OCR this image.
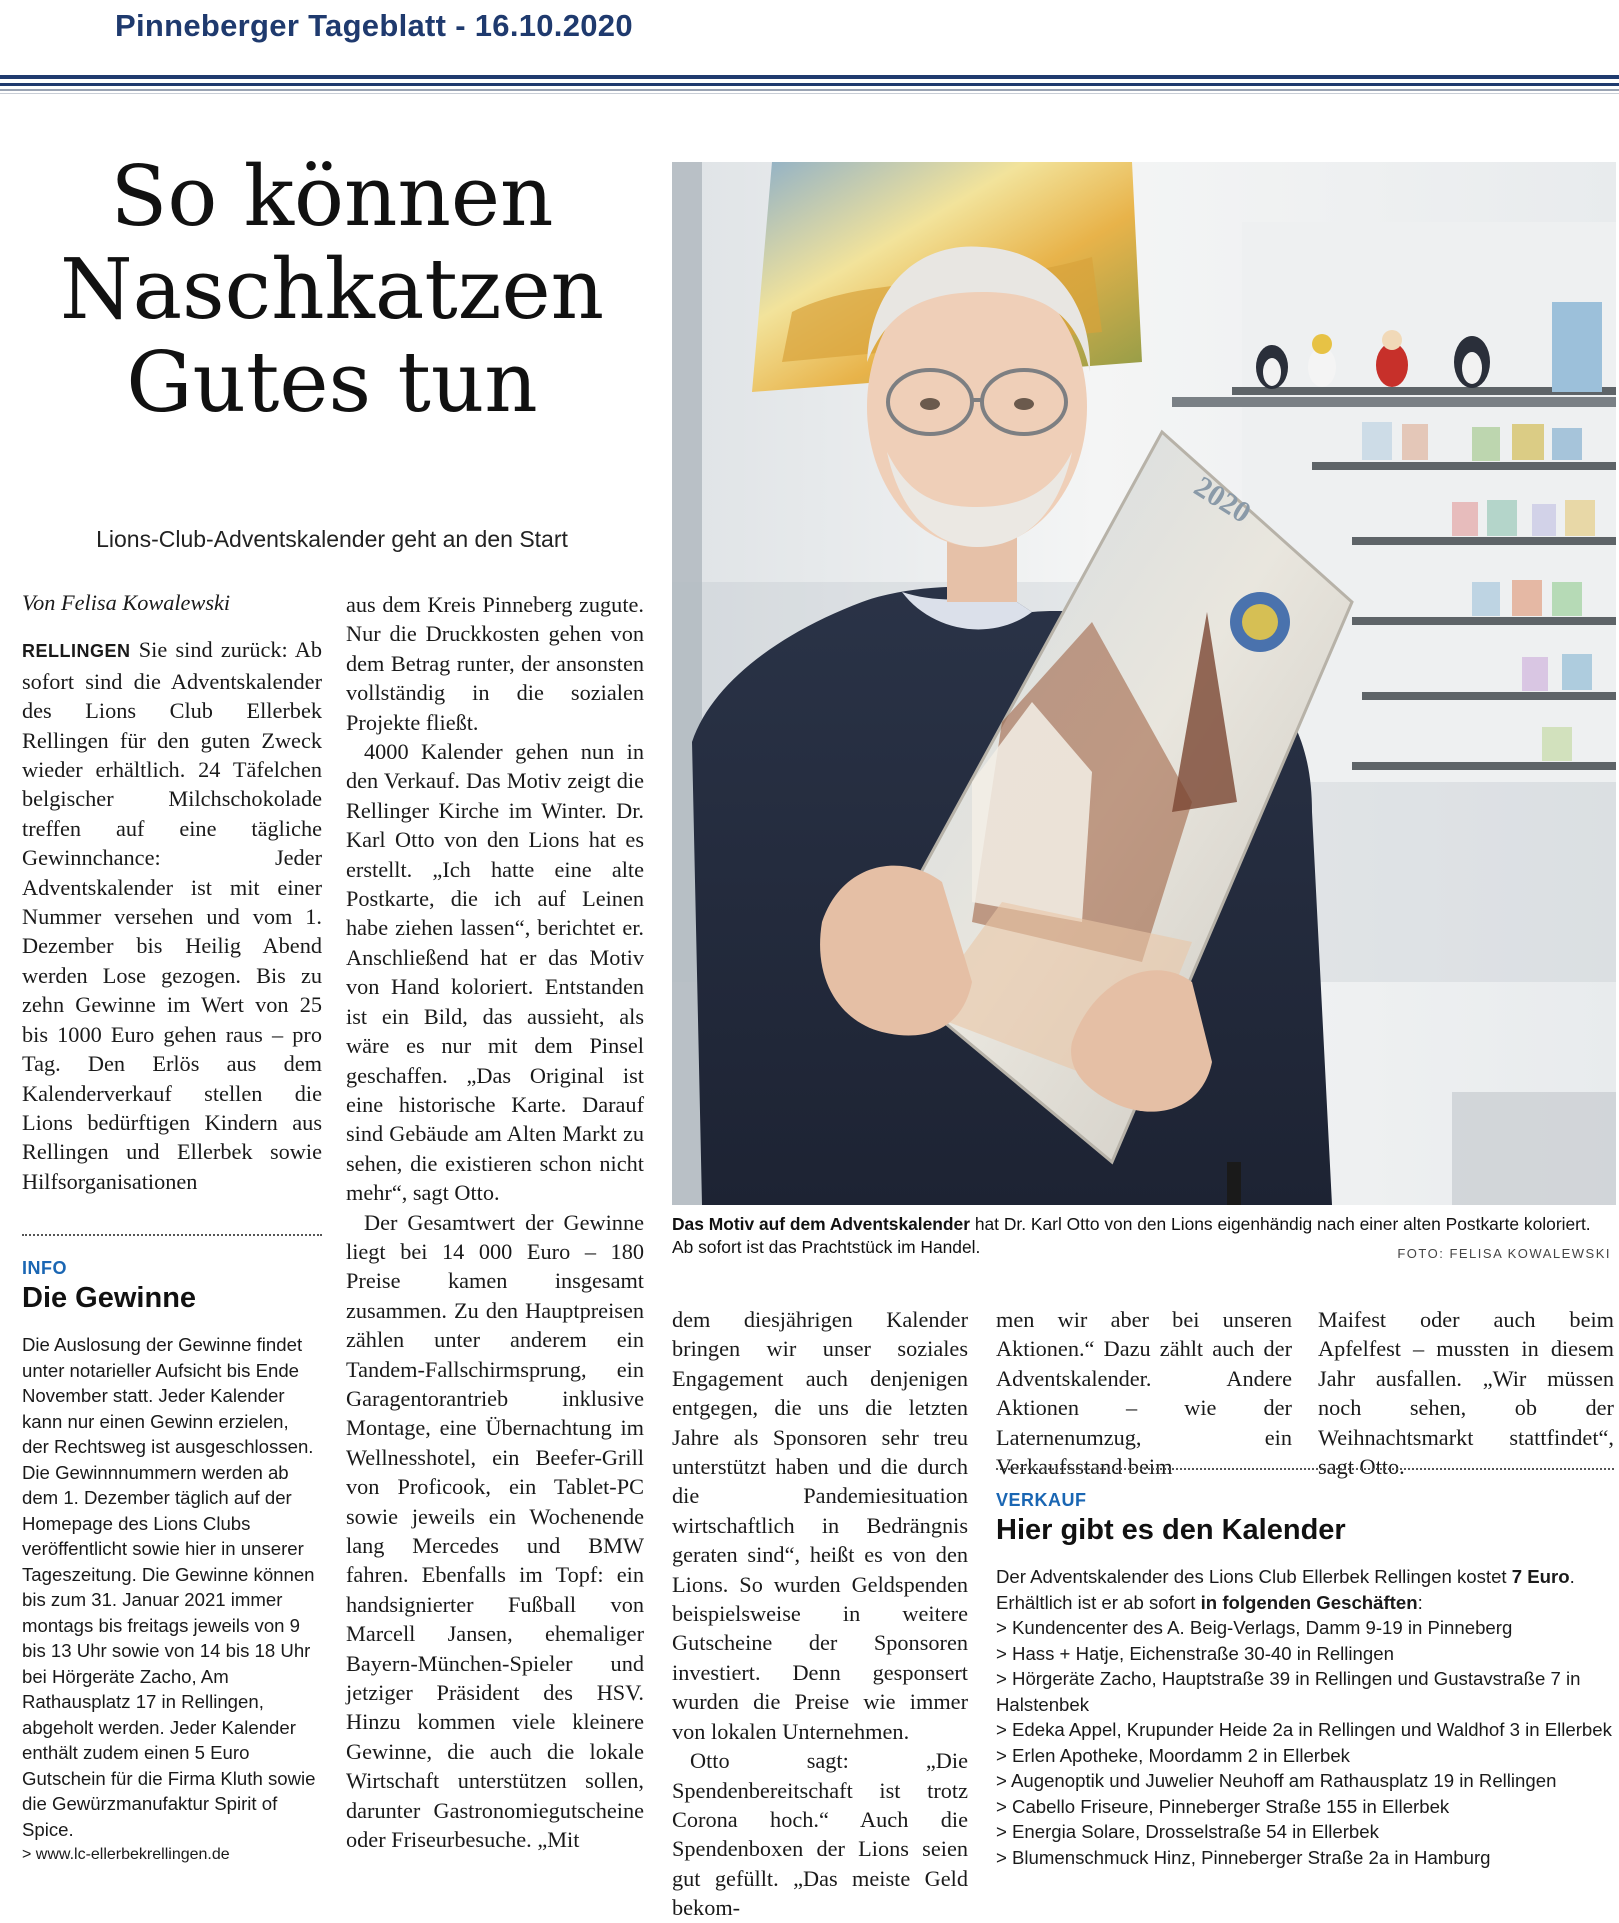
Pinneberger Tageblatt - 16.10.2020
So können
Naschkatzen
Gutes tun
Lions-Club-Adventskalender geht an den Start

Von Felisa Kowalewski

RELLINGEN Sie sind zurück: Ab sofort sind die Adventskalender des Lions Club Ellerbek Rellingen für den guten Zweck wieder erhältlich. 24 Täfelchen belgischer Milchschokolade treffen auf eine tägliche Gewinnchance: Jeder Adventskalender ist mit einer Nummer versehen und vom 1. Dezember bis Heilig Abend werden Lose gezogen. Bis zu zehn Gewinne im Wert von 25 bis 1000 Euro gehen raus – pro Tag. Den Erlös aus dem Kalenderverkauf stellen die Lions bedürftigen Kindern aus Rellingen und Ellerbek sowie Hilfsorganisationen

INFO
Die Gewinne

Die Auslosung der Gewinne findet unter notarieller Aufsicht bis Ende November statt. Jeder Kalender kann nur einen Gewinn erzielen, der Rechtsweg ist ausgeschlossen. Die Gewinnnummern werden ab dem 1. Dezember täglich auf der Homepage des Lions Clubs veröffentlicht sowie hier in unserer Tageszeitung. Die Gewinne können bis zum 31. Januar 2021 immer montags bis freitags jeweils von 9 bis 13 Uhr sowie von 14 bis 18 Uhr bei Hörgeräte Zacho, Am Rathausplatz 17 in Rellingen, abgeholt werden. Jeder Kalender enthält zudem einen 5 Euro Gutschein für die Firma Kluth sowie die Gewürzmanufaktur Spirit of Spice.

> www.lc-ellerbekrellingen.de

aus dem Kreis Pinneberg zugute. Nur die Druckkosten gehen von dem Betrag runter, der ansonsten vollständig in die sozialen Projekte fließt.

4000 Kalender gehen nun in den Verkauf. Das Motiv zeigt die Rellinger Kirche im Winter. Dr. Karl Otto von den Lions hat es erstellt. „Ich hatte eine alte Postkarte, die ich auf Leinen habe ziehen lassen“, berichtet er. Anschließend hat er das Motiv von Hand koloriert. Entstanden ist ein Bild, das aussieht, als wäre es nur mit dem Pinsel geschaffen. „Das Original ist eine historische Karte. Darauf sind Gebäude am Alten Markt zu sehen, die existieren schon nicht mehr“, sagt Otto.

Der Gesamtwert der Gewinne liegt bei 14 000 Euro – 180 Preise kamen insgesamt zusammen. Zu den Hauptpreisen zählen unter anderem ein Tandem-Fallschirmsprung, ein Garagentorantrieb inklusive Montage, eine Übernachtung im Wellnesshotel, ein Beefer-Grill von Proficook, ein Tablet-PC sowie jeweils ein Wochenende lang Mercedes und BMW fahren. Ebenfalls im Topf: ein handsignierter Fußball von Marcell Jansen, ehemaliger Bayern-München-Spieler und jetziger Präsident des HSV. Hinzu kommen viele kleinere Gewinne, die auch die lokale Wirtschaft unterstützen sollen, darunter Gastronomiegutscheine oder Friseurbesuche. „Mit

2020
Das Motiv auf dem Adventskalender hat Dr. Karl Otto von den Lions eigenhändig nach einer alten Postkarte koloriert. Ab sofort ist das Prachtstück im Handel.	FOTO: FELISA KOWALEWSKI

dem diesjährigen Kalender bringen wir unser soziales Engagement auch denjenigen entgegen, die uns die letzten Jahre als Sponsoren sehr treu unterstützt haben und die durch die Pandemiesituation wirtschaftlich in Bedrängnis geraten sind“, heißt es von den Lions. So wurden Geldspenden beispielsweise in weitere Gutscheine der Sponsoren investiert. Denn gesponsert wurden die Preise wie immer von lokalen Unternehmen.

Otto sagt: „Die Spendenbereitschaft ist trotz Corona hoch.“ Auch die Spendenboxen der Lions seien gut gefüllt. „Das meiste Geld bekom-

men wir aber bei unseren Aktionen.“ Dazu zählt auch der Adventskalender. Andere Aktionen – wie der Laternenumzug, ein Verkaufsstand beim

Maifest oder auch beim Apfelfest – mussten in diesem Jahr ausfallen. „Wir müssen noch sehen, ob der Weihnachtsmarkt stattfindet“, sagt Otto.

VERKAUF
Hier gibt es den Kalender

Der Adventskalender des Lions Club Ellerbek Rellingen kostet 7 Euro. Erhältlich ist er ab sofort in folgenden Geschäften:

> Kundencenter des A. Beig-Verlags, Damm 9-19 in Pinneberg
> Hass + Hatje, Eichenstraße 30-40 in Rellingen
> Hörgeräte Zacho, Hauptstraße 39 in Rellingen und Gustavstraße 7 in Halstenbek
> Edeka Appel, Krupunder Heide 2a in Rellingen und Waldhof 3 in Ellerbek
> Erlen Apotheke, Moordamm 2 in Ellerbek
> Augenoptik und Juwelier Neuhoff am Rathausplatz 19 in Rellingen
> Cabello Friseure, Pinneberger Straße 155 in Ellerbek
> Energia Solare, Drosselstraße 54 in Ellerbek
> Blumenschmuck Hinz, Pinneberger Straße 2a in Hamburg
